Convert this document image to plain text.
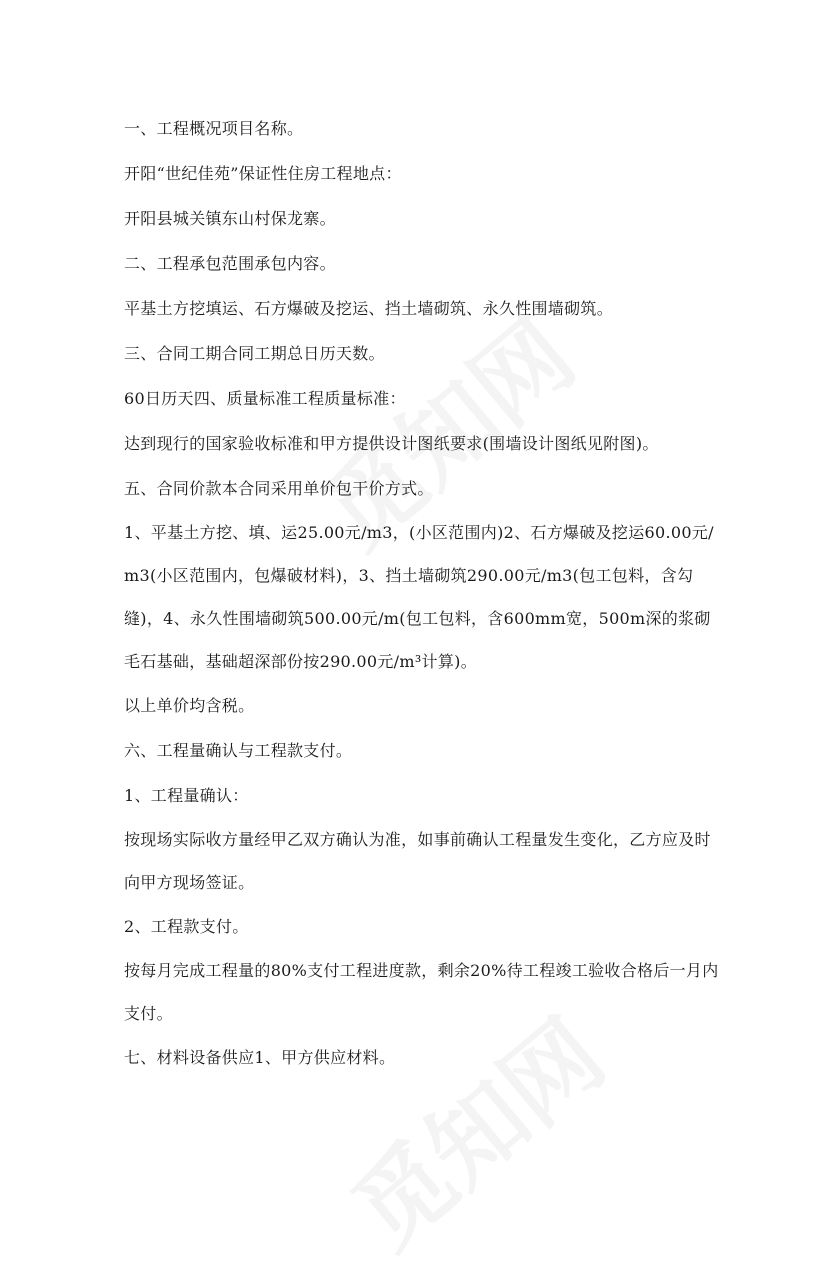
一、工程概况项目名称。

开阳“世纪佳苑”保证性住房工程地点：

开阳县城关镇东山村保龙寨。

二、工程承包范围承包内容。

平基土方挖填运、石方爆破及挖运、挡土墙砌筑、永久性围墙砌筑。

三、合同工期合同工期总日历天数。

60日历天四、质量标准工程质量标准：

达到现行的国家验收标准和甲方提供设计图纸要求(围墙设计图纸见附图)。

五、合同价款本合同采用单价包干价方式。

1、平基土方挖、填、运25.00元/m3，(小区范围内)2、石方爆破及挖运60.00元/m3(小区范围内，包爆破材料)，3、挡土墙砌筑290.00元/m3(包工包料，含勾缝)，4、永久性围墙砌筑500.00元/m(包工包料，含600mm宽，500m深的浆砌毛石基础，基础超深部份按290.00元/m³计算)。

以上单价均含税。

六、工程量确认与工程款支付。

1、工程量确认：

按现场实际收方量经甲乙双方确认为准，如事前确认工程量发生变化，乙方应及时向甲方现场签证。

2、工程款支付。

按每月完成工程量的80%支付工程进度款，剩余20%待工程竣工验收合格后一月内支付。

七、材料设备供应1、甲方供应材料。
